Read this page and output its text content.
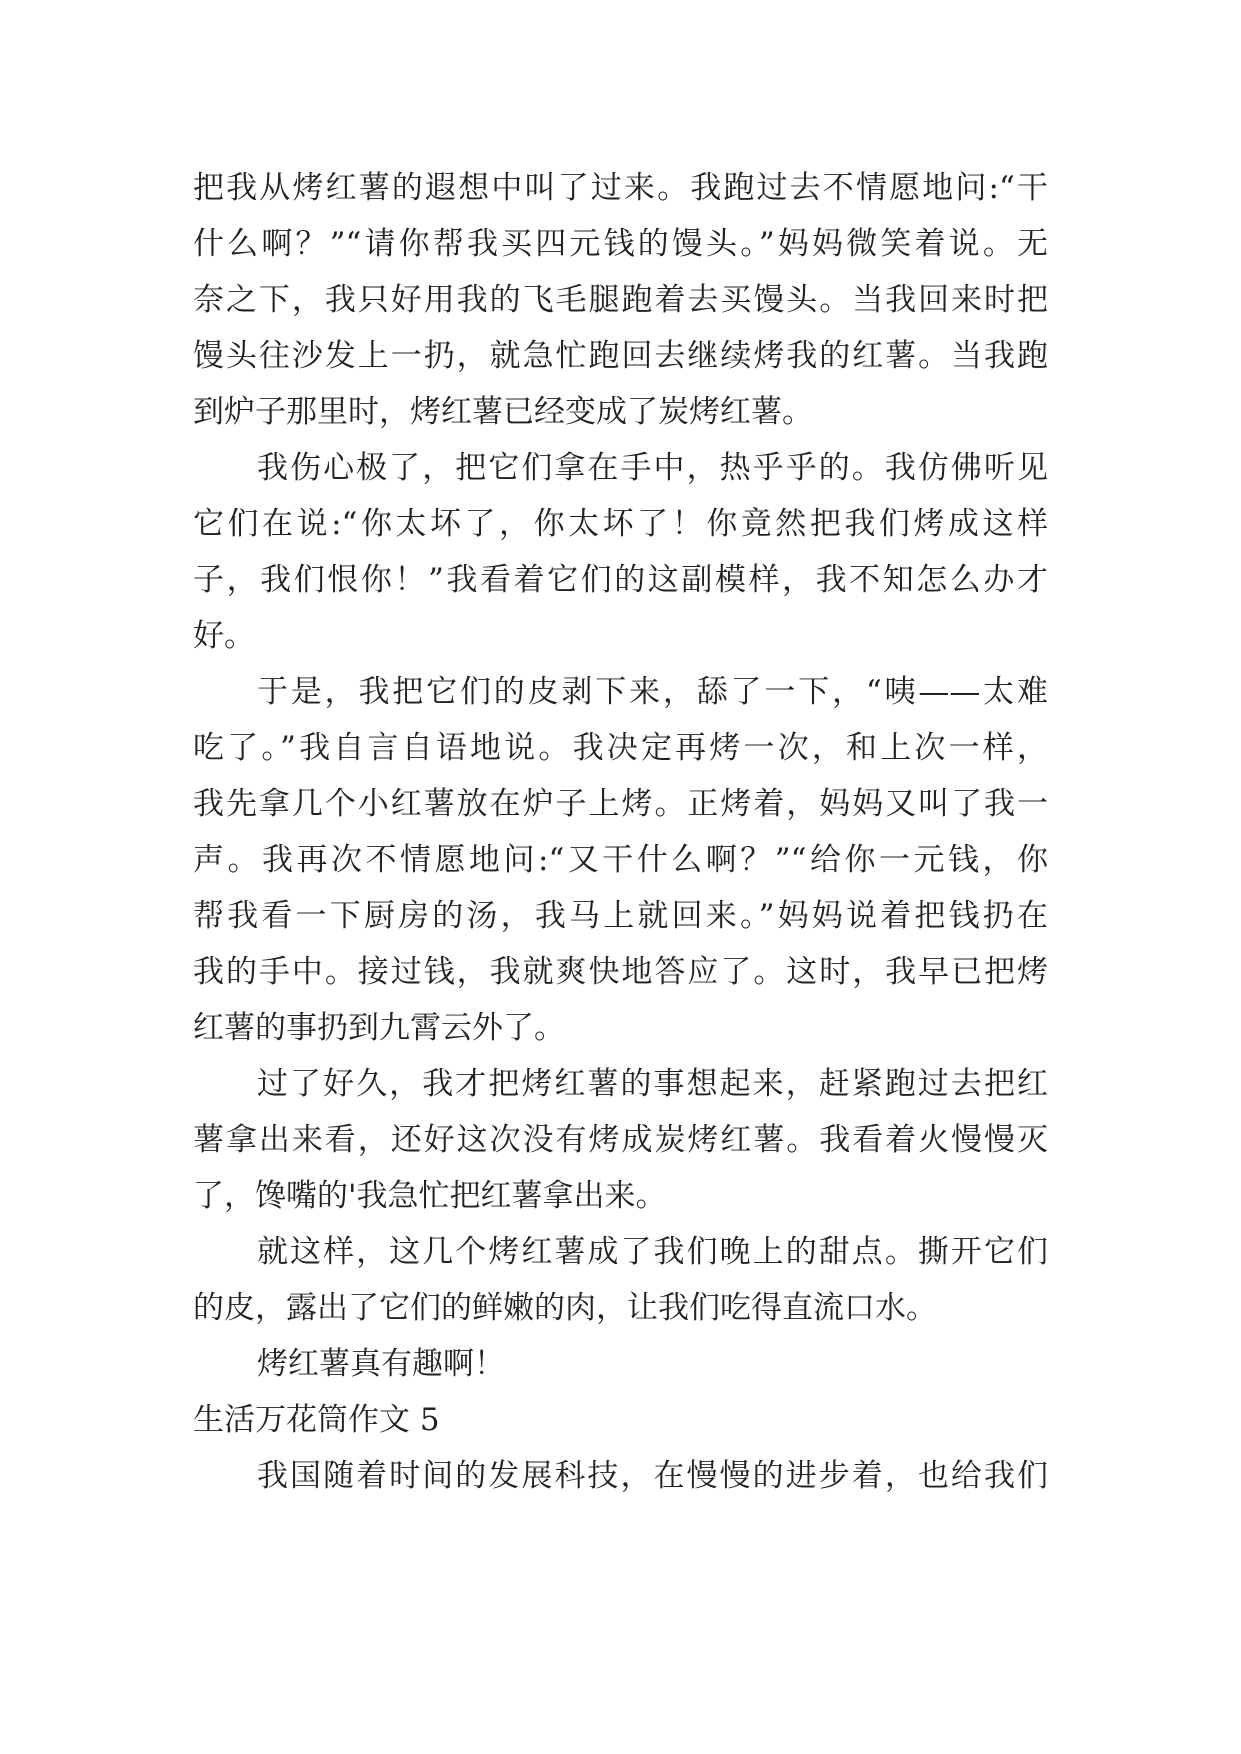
把我从烤红薯的遐想中叫了过来。我跑过去不情愿地问:“干
什么啊？”“请你帮我买四元钱的馒头。”妈妈微笑着说。无
奈之下，我只好用我的飞毛腿跑着去买馒头。当我回来时把
馒头往沙发上一扔，就急忙跑回去继续烤我的红薯。当我跑
到炉子那里时，烤红薯已经变成了炭烤红薯。
我伤心极了，把它们拿在手中，热乎乎的。我仿佛听见
它们在说:“你太坏了，你太坏了！你竟然把我们烤成这样
子，我们恨你！”我看着它们的这副模样，我不知怎么办才
好。
于是，我把它们的皮剥下来，舔了一下，“咦——太难
吃了。”我自言自语地说。我决定再烤一次，和上次一样，
我先拿几个小红薯放在炉子上烤。正烤着，妈妈又叫了我一
声。我再次不情愿地问:“又干什么啊？”“给你一元钱，你
帮我看一下厨房的汤，我马上就回来。”妈妈说着把钱扔在
我的手中。接过钱，我就爽快地答应了。这时，我早已把烤
红薯的事扔到九霄云外了。
过了好久，我才把烤红薯的事想起来，赶紧跑过去把红
薯拿出来看，还好这次没有烤成炭烤红薯。我看着火慢慢灭
了，馋嘴的'我急忙把红薯拿出来。
就这样，这几个烤红薯成了我们晚上的甜点。撕开它们
的皮，露出了它们的鲜嫩的肉，让我们吃得直流口水。
烤红薯真有趣啊！
生活万花筒作文 5
我国随着时间的发展科技，在慢慢的进步着，也给我们
